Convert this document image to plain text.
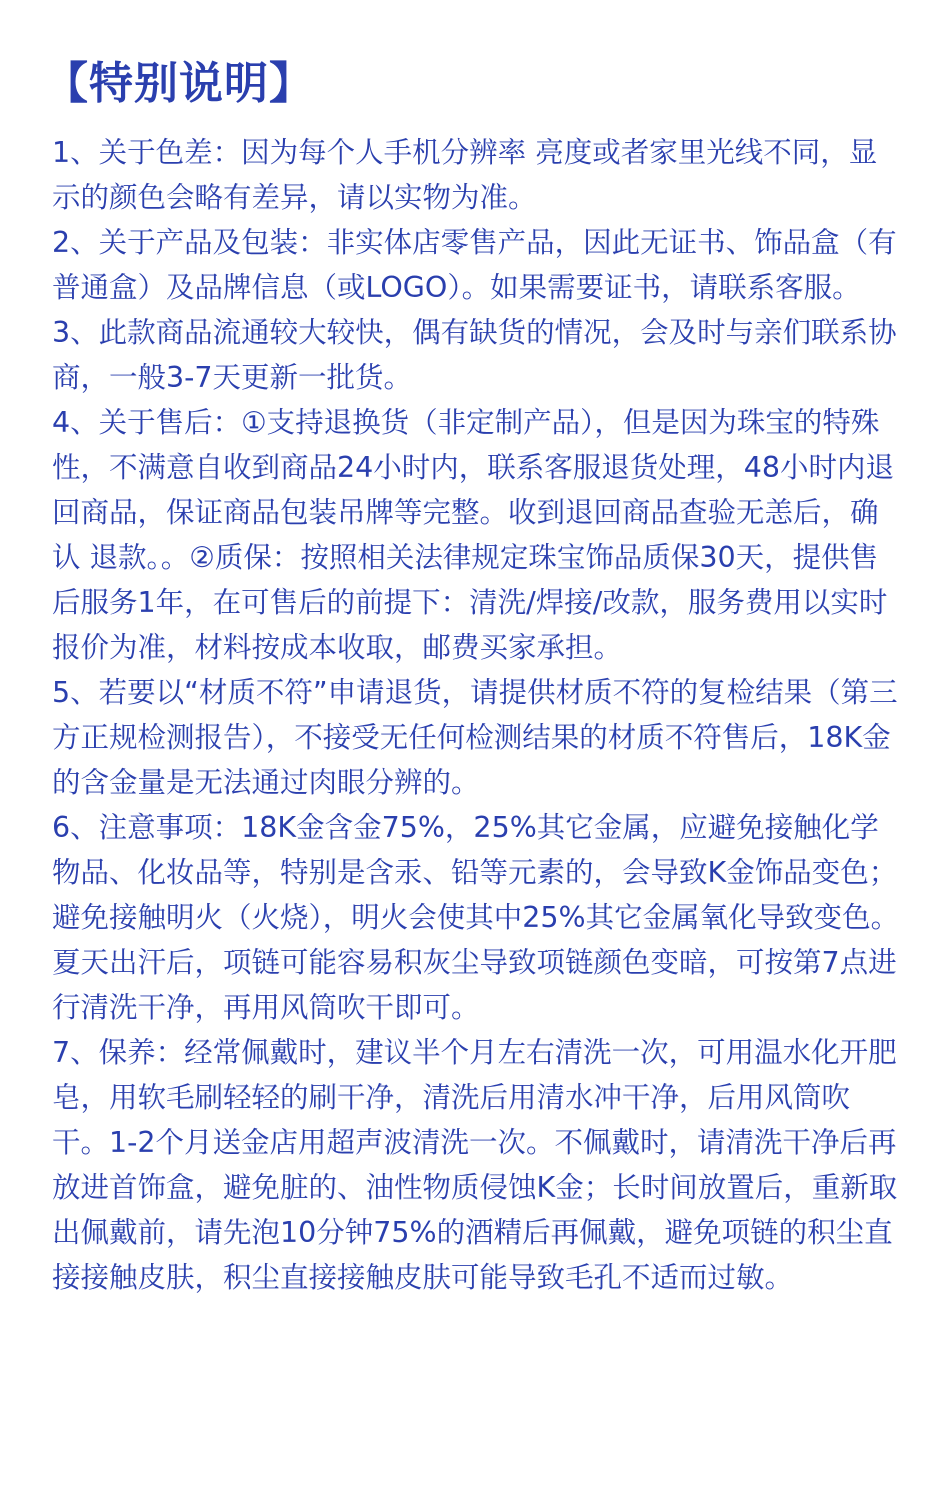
【特别说明】

1、关于色差：因为每个人手机分辨率 亮度或者家里光线不同，显示的颜色会略有差异，请以实物为准。

2、关于产品及包装：非实体店零售产品，因此无证书、饰品盒（有普通盒）及品牌信息（或LOGO）。如果需要证书，请联系客服。

3、此款商品流通较大较快，偶有缺货的情况，会及时与亲们联系协商，一般3-7天更新一批货。

4、关于售后：①支持退换货（非定制产品），但是因为珠宝的特殊性，不满意自收到商品24小时内，联系客服退货处理，48小时内退回商品，保证商品包装吊牌等完整。收到退回商品查验无恙后，确认 退款。。②质保：按照相关法律规定珠宝饰品质保30天，提供售后服务1年，在可售后的前提下：清洗/焊接/改款，服务费用以实时报价为准，材料按成本收取，邮费买家承担。

5、若要以“材质不符”申请退货，请提供材质不符的复检结果（第三方正规检测报告），不接受无任何检测结果的材质不符售后，18K金的含金量是无法通过肉眼分辨的。

6、注意事项：18K金含金75%，25%其它金属，应避免接触化学物品、化妆品等，特别是含汞、铅等元素的，会导致K金饰品变色；避免接触明火（火烧），明火会使其中25%其它金属氧化导致变色。夏天出汗后，项链可能容易积灰尘导致项链颜色变暗，可按第7点进行清洗干净，再用风筒吹干即可。

7、保养：经常佩戴时，建议半个月左右清洗一次，可用温水化开肥皂，用软毛刷轻轻的刷干净，清洗后用清水冲干净，后用风筒吹干。1-2个月送金店用超声波清洗一次。不佩戴时，请清洗干净后再放进首饰盒，避免脏的、油性物质侵蚀K金；长时间放置后，重新取出佩戴前，请先泡10分钟75%的酒精后再佩戴，避免项链的积尘直接接触皮肤，积尘直接接触皮肤可能导致毛孔不适而过敏。
